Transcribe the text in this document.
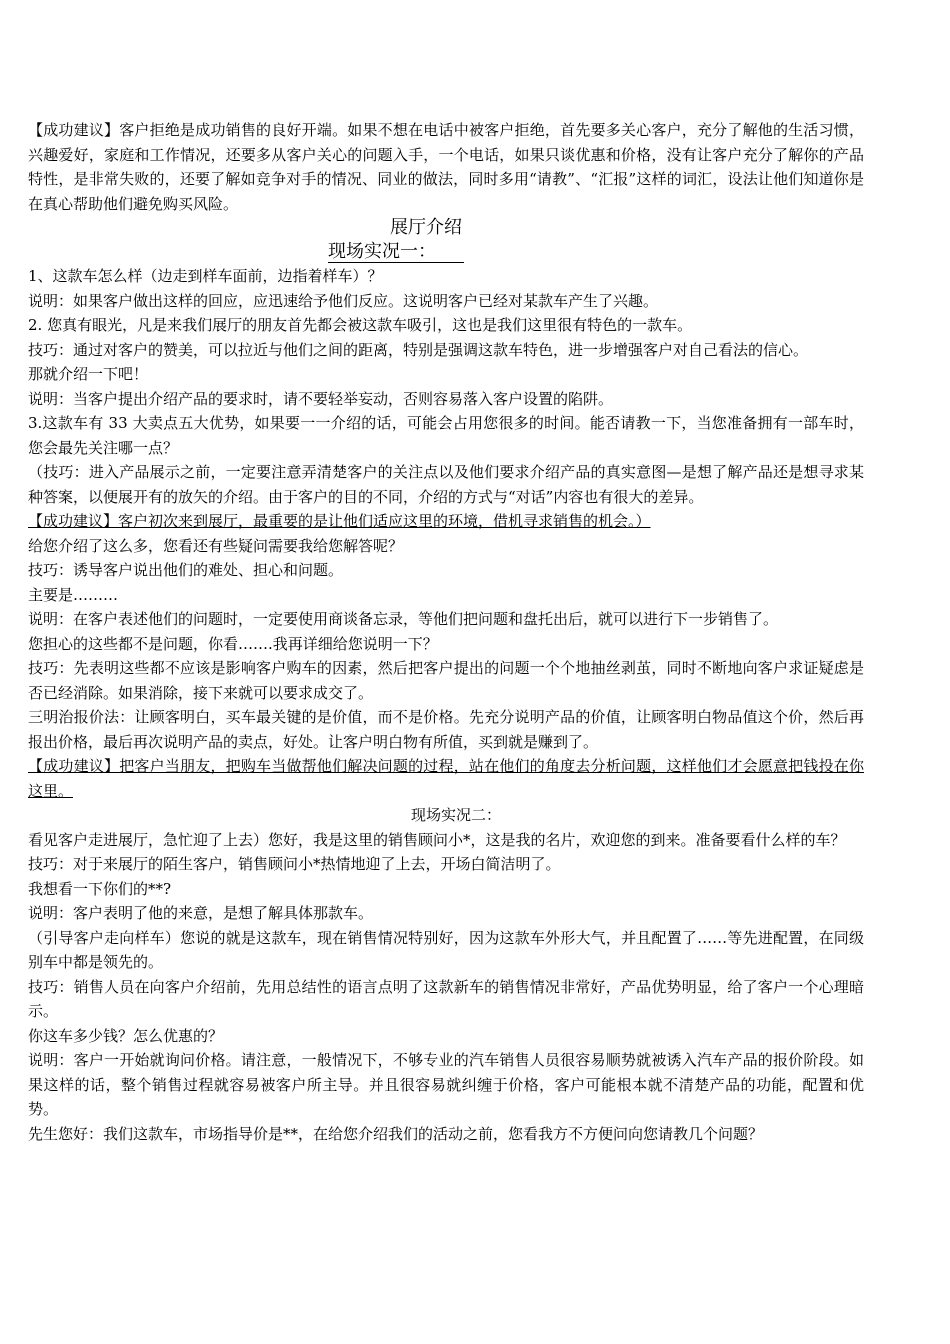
【成功建议】客户拒绝是成功销售的良好开端。如果不想在电话中被客户拒绝，首先要多关心客户，充分了解他的生活习惯，兴趣爱好，家庭和工作情况，还要多从客户关心的问题入手，一个电话，如果只谈优惠和价格，没有让客户充分了解你的产品特性，是非常失败的，还要了解如竞争对手的情况、同业的做法，同时多用“请教”、“汇报”这样的词汇，设法让他们知道你是在真心帮助他们避免购买风险。

展厅介绍

现场实况一：

1、这款车怎么样（边走到样车面前，边指着样车）？

说明：如果客户做出这样的回应，应迅速给予他们反应。这说明客户已经对某款车产生了兴趣。

2. 您真有眼光，凡是来我们展厅的朋友首先都会被这款车吸引，这也是我们这里很有特色的一款车。

技巧：通过对客户的赞美，可以拉近与他们之间的距离，特别是强调这款车特色，进一步增强客户对自己看法的信心。

那就介绍一下吧！

说明：当客户提出介绍产品的要求时，请不要轻举妄动，否则容易落入客户设置的陷阱。

3.这款车有 33 大卖点五大优势，如果要一一介绍的话，可能会占用您很多的时间。能否请教一下，当您准备拥有一部车时，您会最先关注哪一点？

（技巧：进入产品展示之前，一定要注意弄清楚客户的关注点以及他们要求介绍产品的真实意图—是想了解产品还是想寻求某种答案，以便展开有的放矢的介绍。由于客户的目的不同，介绍的方式与“对话”内容也有很大的差异。

【成功建议】客户初次来到展厅，最重要的是让他们适应这里的环境，借机寻求销售的机会。）

给您介绍了这么多，您看还有些疑问需要我给您解答呢？

技巧：诱导客户说出他们的难处、担心和问题。

主要是………

说明：在客户表述他们的问题时，一定要使用商谈备忘录，等他们把问题和盘托出后，就可以进行下一步销售了。

您担心的这些都不是问题，你看…….我再详细给您说明一下？

技巧：先表明这些都不应该是影响客户购车的因素，然后把客户提出的问题一个个地抽丝剥茧，同时不断地向客户求证疑虑是否已经消除。如果消除，接下来就可以要求成交了。

三明治报价法：让顾客明白，买车最关键的是价值，而不是价格。先充分说明产品的价值，让顾客明白物品值这个价，然后再报出价格，最后再次说明产品的卖点，好处。让客户明白物有所值，买到就是赚到了。

【成功建议】把客户当朋友，把购车当做帮他们解决问题的过程，站在他们的角度去分析问题，这样他们才会愿意把钱投在你这里。

现场实况二：

看见客户走进展厅，急忙迎了上去）您好，我是这里的销售顾问小*，这是我的名片，欢迎您的到来。准备要看什么样的车？

技巧：对于来展厅的陌生客户，销售顾问小*热情地迎了上去，开场白简洁明了。

我想看一下你们的**?

说明：客户表明了他的来意，是想了解具体那款车。

（引导客户走向样车）您说的就是这款车，现在销售情况特别好，因为这款车外形大气，并且配置了……等先进配置，在同级别车中都是领先的。

技巧：销售人员在向客户介绍前，先用总结性的语言点明了这款新车的销售情况非常好，产品优势明显，给了客户一个心理暗示。

你这车多少钱？怎么优惠的？

说明：客户一开始就询问价格。请注意，一般情况下，不够专业的汽车销售人员很容易顺势就被诱入汽车产品的报价阶段。如果这样的话，整个销售过程就容易被客户所主导。并且很容易就纠缠于价格，客户可能根本就不清楚产品的功能，配置和优势。

先生您好：我们这款车，市场指导价是**，在给您介绍我们的活动之前，您看我方不方便问向您请教几个问题？
